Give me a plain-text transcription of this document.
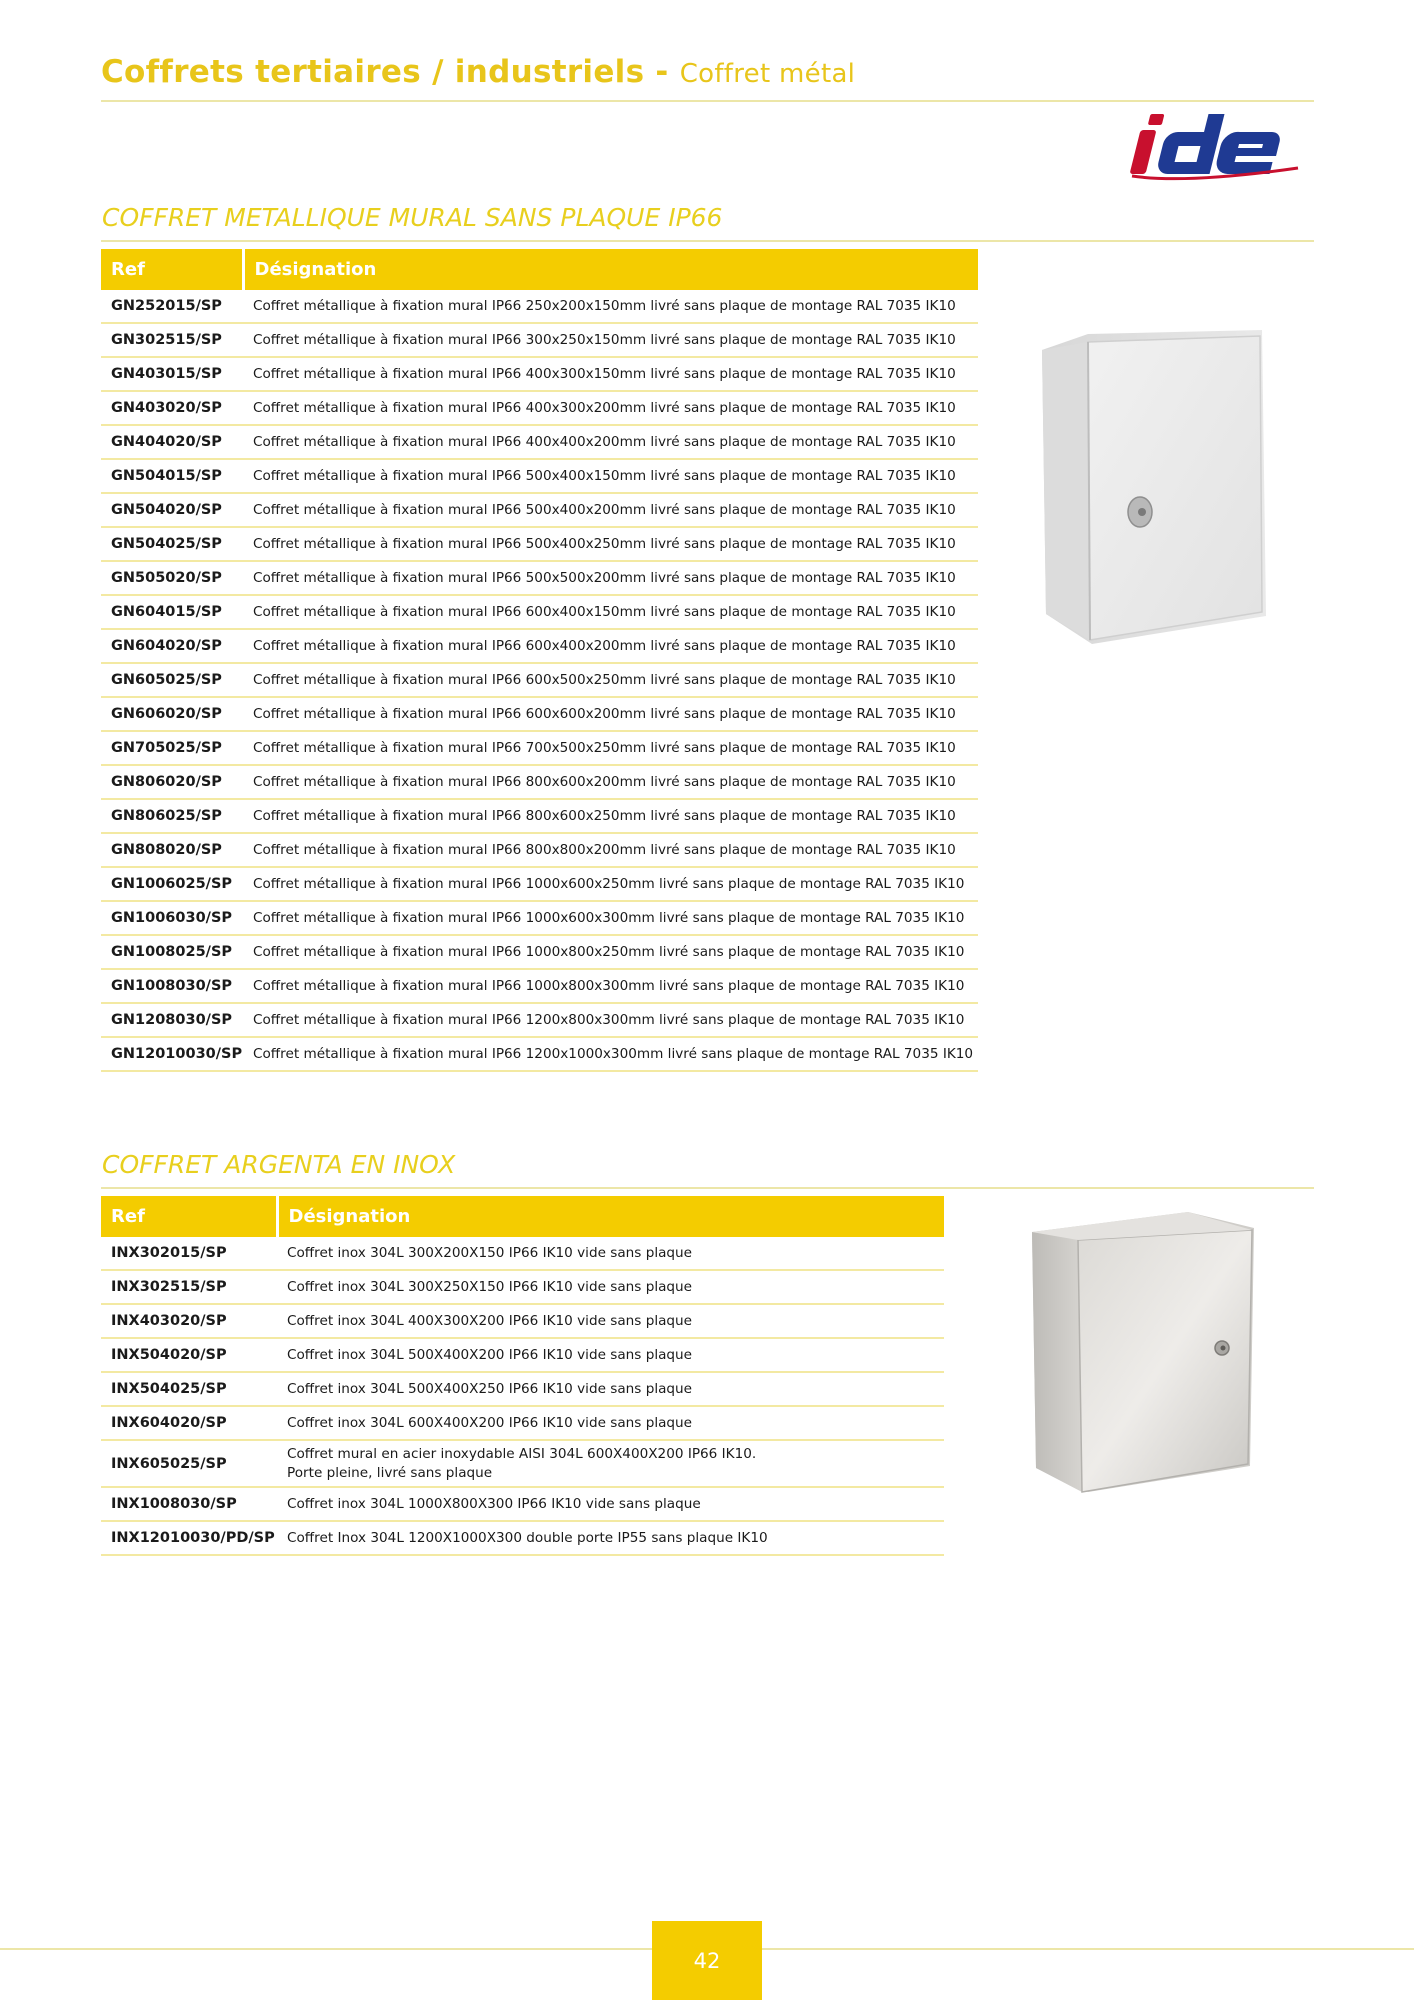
Coffrets tertiaires / industriels - Coffret métal
COFFRET METALLIQUE MURAL SANS PLAQUE IP66
Ref	Désignation
GN252015/SP	Coffret métallique à fixation mural IP66 250x200x150mm livré sans plaque de montage RAL 7035 IK10
GN302515/SP	Coffret métallique à fixation mural IP66 300x250x150mm livré sans plaque de montage RAL 7035 IK10
GN403015/SP	Coffret métallique à fixation mural IP66 400x300x150mm livré sans plaque de montage RAL 7035 IK10
GN403020/SP	Coffret métallique à fixation mural IP66 400x300x200mm livré sans plaque de montage RAL 7035 IK10
GN404020/SP	Coffret métallique à fixation mural IP66 400x400x200mm livré sans plaque de montage RAL 7035 IK10
GN504015/SP	Coffret métallique à fixation mural IP66 500x400x150mm livré sans plaque de montage RAL 7035 IK10
GN504020/SP	Coffret métallique à fixation mural IP66 500x400x200mm livré sans plaque de montage RAL 7035 IK10
GN504025/SP	Coffret métallique à fixation mural IP66 500x400x250mm livré sans plaque de montage RAL 7035 IK10
GN505020/SP	Coffret métallique à fixation mural IP66 500x500x200mm livré sans plaque de montage RAL 7035 IK10
GN604015/SP	Coffret métallique à fixation mural IP66 600x400x150mm livré sans plaque de montage RAL 7035 IK10
GN604020/SP	Coffret métallique à fixation mural IP66 600x400x200mm livré sans plaque de montage RAL 7035 IK10
GN605025/SP	Coffret métallique à fixation mural IP66 600x500x250mm livré sans plaque de montage RAL 7035 IK10
GN606020/SP	Coffret métallique à fixation mural IP66 600x600x200mm livré sans plaque de montage RAL 7035 IK10
GN705025/SP	Coffret métallique à fixation mural IP66 700x500x250mm livré sans plaque de montage RAL 7035 IK10
GN806020/SP	Coffret métallique à fixation mural IP66 800x600x200mm livré sans plaque de montage RAL 7035 IK10
GN806025/SP	Coffret métallique à fixation mural IP66 800x600x250mm livré sans plaque de montage RAL 7035 IK10
GN808020/SP	Coffret métallique à fixation mural IP66 800x800x200mm livré sans plaque de montage RAL 7035 IK10
GN1006025/SP	Coffret métallique à fixation mural IP66 1000x600x250mm livré sans plaque de montage RAL 7035 IK10
GN1006030/SP	Coffret métallique à fixation mural IP66 1000x600x300mm livré sans plaque de montage RAL 7035 IK10
GN1008025/SP	Coffret métallique à fixation mural IP66 1000x800x250mm livré sans plaque de montage RAL 7035 IK10
GN1008030/SP	Coffret métallique à fixation mural IP66 1000x800x300mm livré sans plaque de montage RAL 7035 IK10
GN1208030/SP	Coffret métallique à fixation mural IP66 1200x800x300mm livré sans plaque de montage RAL 7035 IK10
GN12010030/SP	Coffret métallique à fixation mural IP66 1200x1000x300mm livré sans plaque de montage RAL 7035 IK10
COFFRET ARGENTA EN INOX
Ref	Désignation
INX302015/SP	Coffret inox 304L 300X200X150 IP66 IK10 vide sans plaque
INX302515/SP	Coffret inox 304L 300X250X150 IP66 IK10 vide sans plaque
INX403020/SP	Coffret inox 304L 400X300X200 IP66 IK10 vide sans plaque
INX504020/SP	Coffret inox 304L 500X400X200 IP66 IK10 vide sans plaque
INX504025/SP	Coffret inox 304L 500X400X250 IP66 IK10 vide sans plaque
INX604020/SP	Coffret inox 304L 600X400X200 IP66 IK10 vide sans plaque
INX605025/SP	Coffret mural en acier inoxydable AISI 304L 600X400X200 IP66 IK10.
Porte pleine, livré sans plaque
INX1008030/SP	Coffret inox 304L 1000X800X300 IP66 IK10 vide sans plaque
INX12010030/PD/SP	Coffret Inox 304L 1200X1000X300 double porte IP55 sans plaque IK10
42
